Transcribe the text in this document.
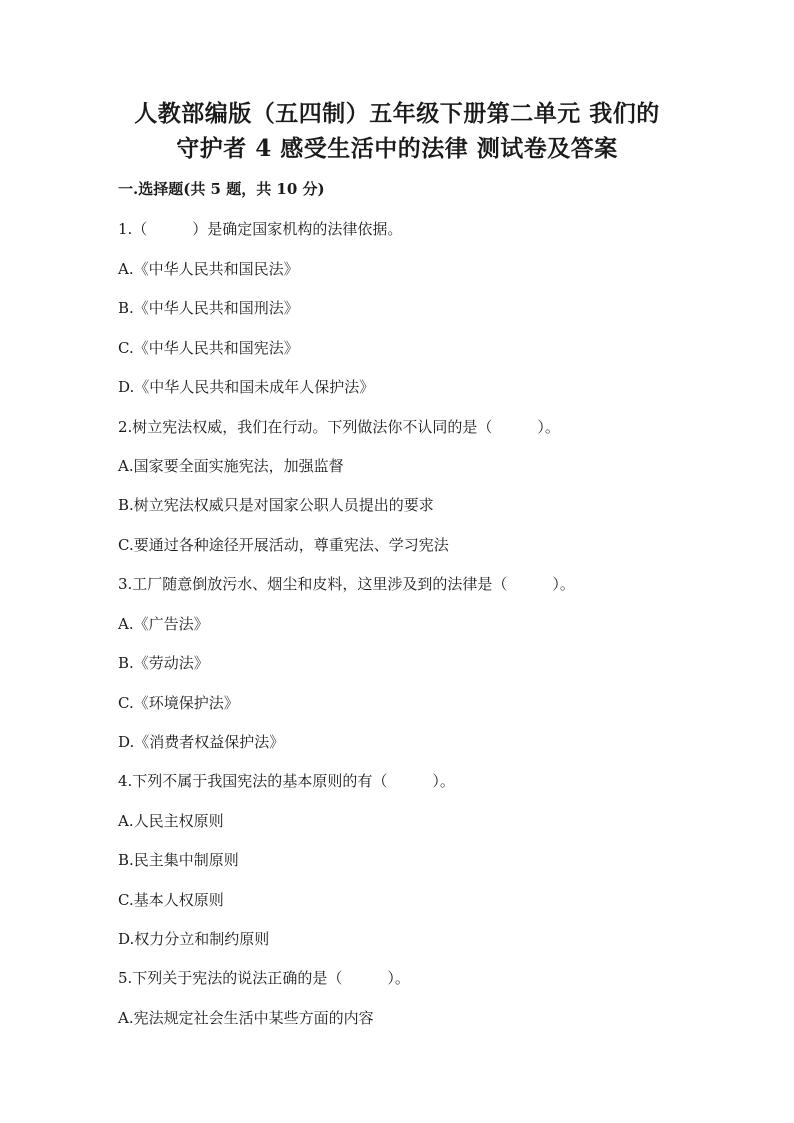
人教部编版（五四制）五年级下册第二单元 我们的
守护者 4 感受生活中的法律 测试卷及答案
一.选择题(共 5 题，共 10 分)
1.（　　　）是确定国家机构的法律依据。
A.《中华人民共和国民法》
B.《中华人民共和国刑法》
C.《中华人民共和国宪法》
D.《中华人民共和国未成年人保护法》
2.树立宪法权威，我们在行动。下列做法你不认同的是（　　　）。
A.国家要全面实施宪法，加强监督
B.树立宪法权威只是对国家公职人员提出的要求
C.要通过各种途径开展活动，尊重宪法、学习宪法
3.工厂随意倒放污水、烟尘和皮料，这里涉及到的法律是（　　　）。
A.《广告法》
B.《劳动法》
C.《环境保护法》
D.《消费者权益保护法》
4.下列不属于我国宪法的基本原则的有（　　　）。
A.人民主权原则
B.民主集中制原则
C.基本人权原则
D.权力分立和制约原则
5.下列关于宪法的说法正确的是（　　　）。
A.宪法规定社会生活中某些方面的内容
